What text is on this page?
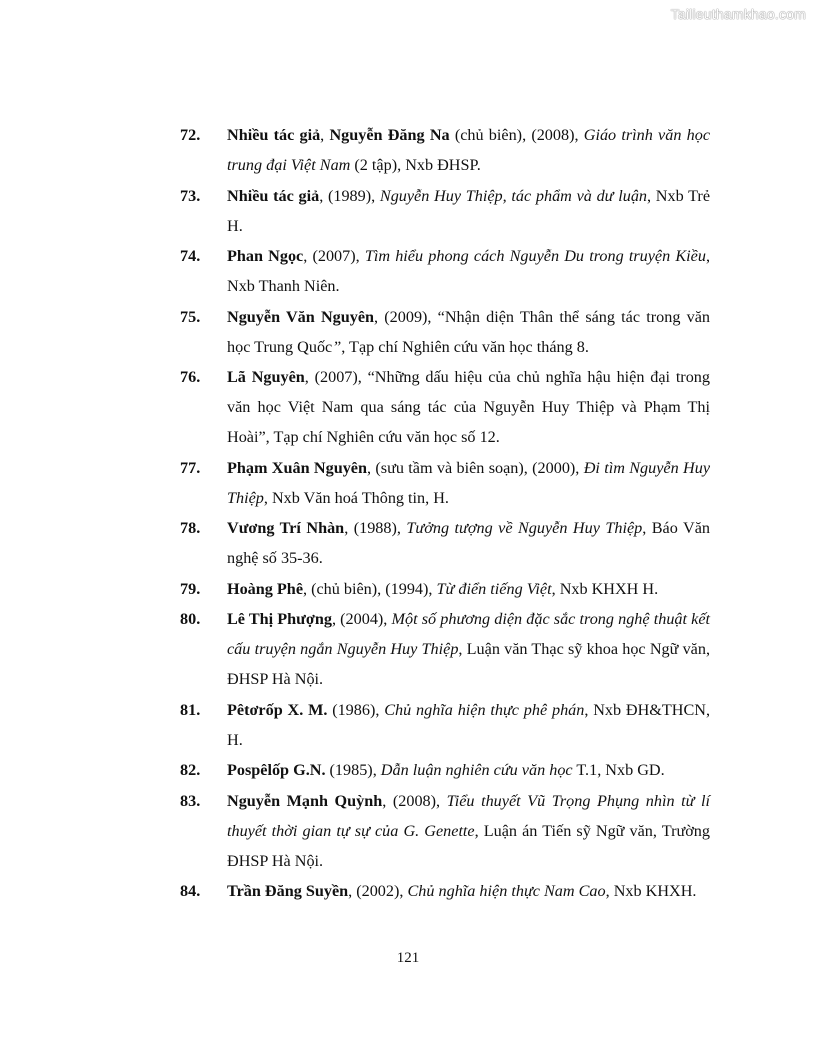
Tailieuthamkhao.com
72.	Nhiều tác giả, Nguyễn Đăng Na (chủ biên), (2008), Giáo trình văn học trung đại Việt Nam (2 tập), Nxb ĐHSP.
73.	Nhiều tác giả, (1989), Nguyễn Huy Thiệp, tác phẩm và dư luận, Nxb Trẻ H.
74.	Phan Ngọc, (2007), Tìm hiểu phong cách Nguyễn Du trong truyện Kiều, Nxb Thanh Niên.
75.	Nguyễn Văn Nguyên, (2009), “Nhận diện Thân thể sáng tác trong văn học Trung Quốc”, Tạp chí Nghiên cứu văn học tháng 8.
76.	Lã Nguyên, (2007), “Những dấu hiệu của chủ nghĩa hậu hiện đại trong văn học Việt Nam qua sáng tác của Nguyễn Huy Thiệp và Phạm Thị Hoài”, Tạp chí Nghiên cứu văn học số 12.
77.	Phạm Xuân Nguyên, (sưu tầm và biên soạn), (2000), Đi tìm Nguyễn Huy Thiệp, Nxb Văn hoá Thông tin, H.
78.	Vương Trí Nhàn, (1988), Tưởng tượng về Nguyễn Huy Thiệp, Báo Văn nghệ số 35-36.
79.	Hoàng Phê, (chủ biên), (1994), Từ điển tiếng Việt, Nxb KHXH H.
80.	Lê Thị Phượng, (2004), Một số phương diện đặc sắc trong nghệ thuật kết cấu truyện ngắn Nguyễn Huy Thiệp, Luận văn Thạc sỹ khoa học Ngữ văn, ĐHSP Hà Nội.
81.	Pêtơrốp X. M. (1986), Chủ nghĩa hiện thực phê phán, Nxb ĐH&THCN, H.
82.	Pospêlốp G.N. (1985), Dẫn luận nghiên cứu văn học T.1, Nxb GD.
83.	Nguyễn Mạnh Quỳnh, (2008), Tiểu thuyết Vũ Trọng Phụng nhìn từ lí thuyết thời gian tự sự của G. Genette, Luận án Tiến sỹ Ngữ văn, Trường ĐHSP Hà Nội.
84.	Trần Đăng Suyền, (2002), Chủ nghĩa hiện thực Nam Cao, Nxb KHXH.
121
